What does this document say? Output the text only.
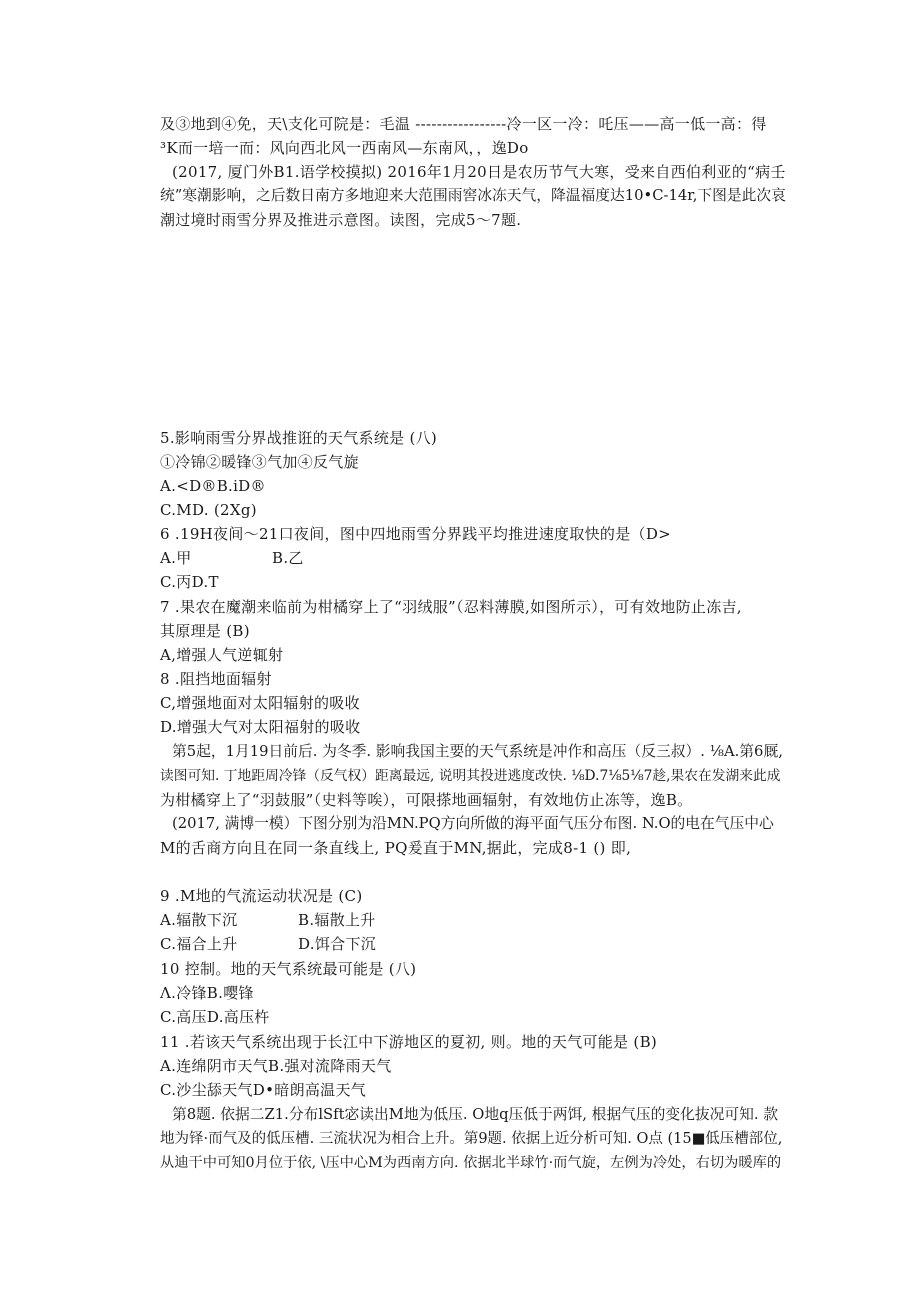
及③地到④免，天\支化可院是：毛温 -----------------冷一区一冷：吒压——高一低一高：得
³K而一培一而：风向西北风一西南风—东南风，，逸Do
(2017, 厦门外B1.语学校摸拟) 2016年1月20日是农历节气大寒，受来自西伯利亚的“病壬
统”寒潮影响，之后数日南方多地迎来大范围雨窖冰冻天气，降温福度达10•C-14r,下图是此次哀
潮过境时雨雪分界及推进示意图。读图，完成5〜7题.
5.影响雨雪分界战推诳的天气系统是 (八)
①冷锦②暖锋③气加④反气旋
A.<D®B.iD®
C.MD. (2Xg)
6 .19H夜间～21口夜间，图中四地雨雪分界践平均推进速度取快的是（D>
A.甲	B.乙
C.丙D.T
7 .果农在魔潮来临前为柑橘穿上了“羽绒服”（忍料薄膜,如图所示），可有效地防止冻吉,
其原理是 (B)
A,增强人气逆辄射
8 .阻挡地面辐射
C,增强地面对太阳辐射的吸收
D.增强大气对太阳福射的吸收
第5起，1月19日前后. 为冬季. 影响我国主要的天气系统是冲作和高压（反三叔）. ⅛A.第6厩,
读图可知. 丁地距周冷锋（反气权）距离最远, 说明其投进逃度改快. ⅛D.7⅛5⅛7趁,果农在发湖来此成
为柑橘穿上了“羽鼓服”（史料等唉），可限搽地画辐射，有效地仿止冻等，逸B。
(2017, 满博一模）下图分别为沿MN.PQ方向所做的海平面气压分布图. N.O的电在气压中心
M的舌商方向且在同一条直线上, PQ爰直于MN,据此，完成8-1 () 即,
9 .M地的气流运动状况是 (C)
A.辐散下沉	B.辐散上升
C.福合上升	D.饵合下沉
10 控制。地的天气系统最可能是 (八)
Λ.冷锋B.嘤锋
C.高压D.高压杵
11 .若该天气系统出现于长江中下游地区的夏初, 则。地的天气可能是 (B)
A.连绵阴市天气B.强对流降雨天气
C.沙尘舔天气D•暗朗高温天气
第8题. 依据二Z1.分布lSft宓读出M地为低压. O地q压低于两饵, 根据气压的变化抜况可知. 款
地为铎·而气及的低压槽. 三流状况为相合上升。第9题. 依据上近分析可知. O点 (15■低压槽部位,
从迪干中可知0月位于依, \压中心M为西南方向. 依据北半球竹·而气旋，左例为冷处，右切为暖库的
